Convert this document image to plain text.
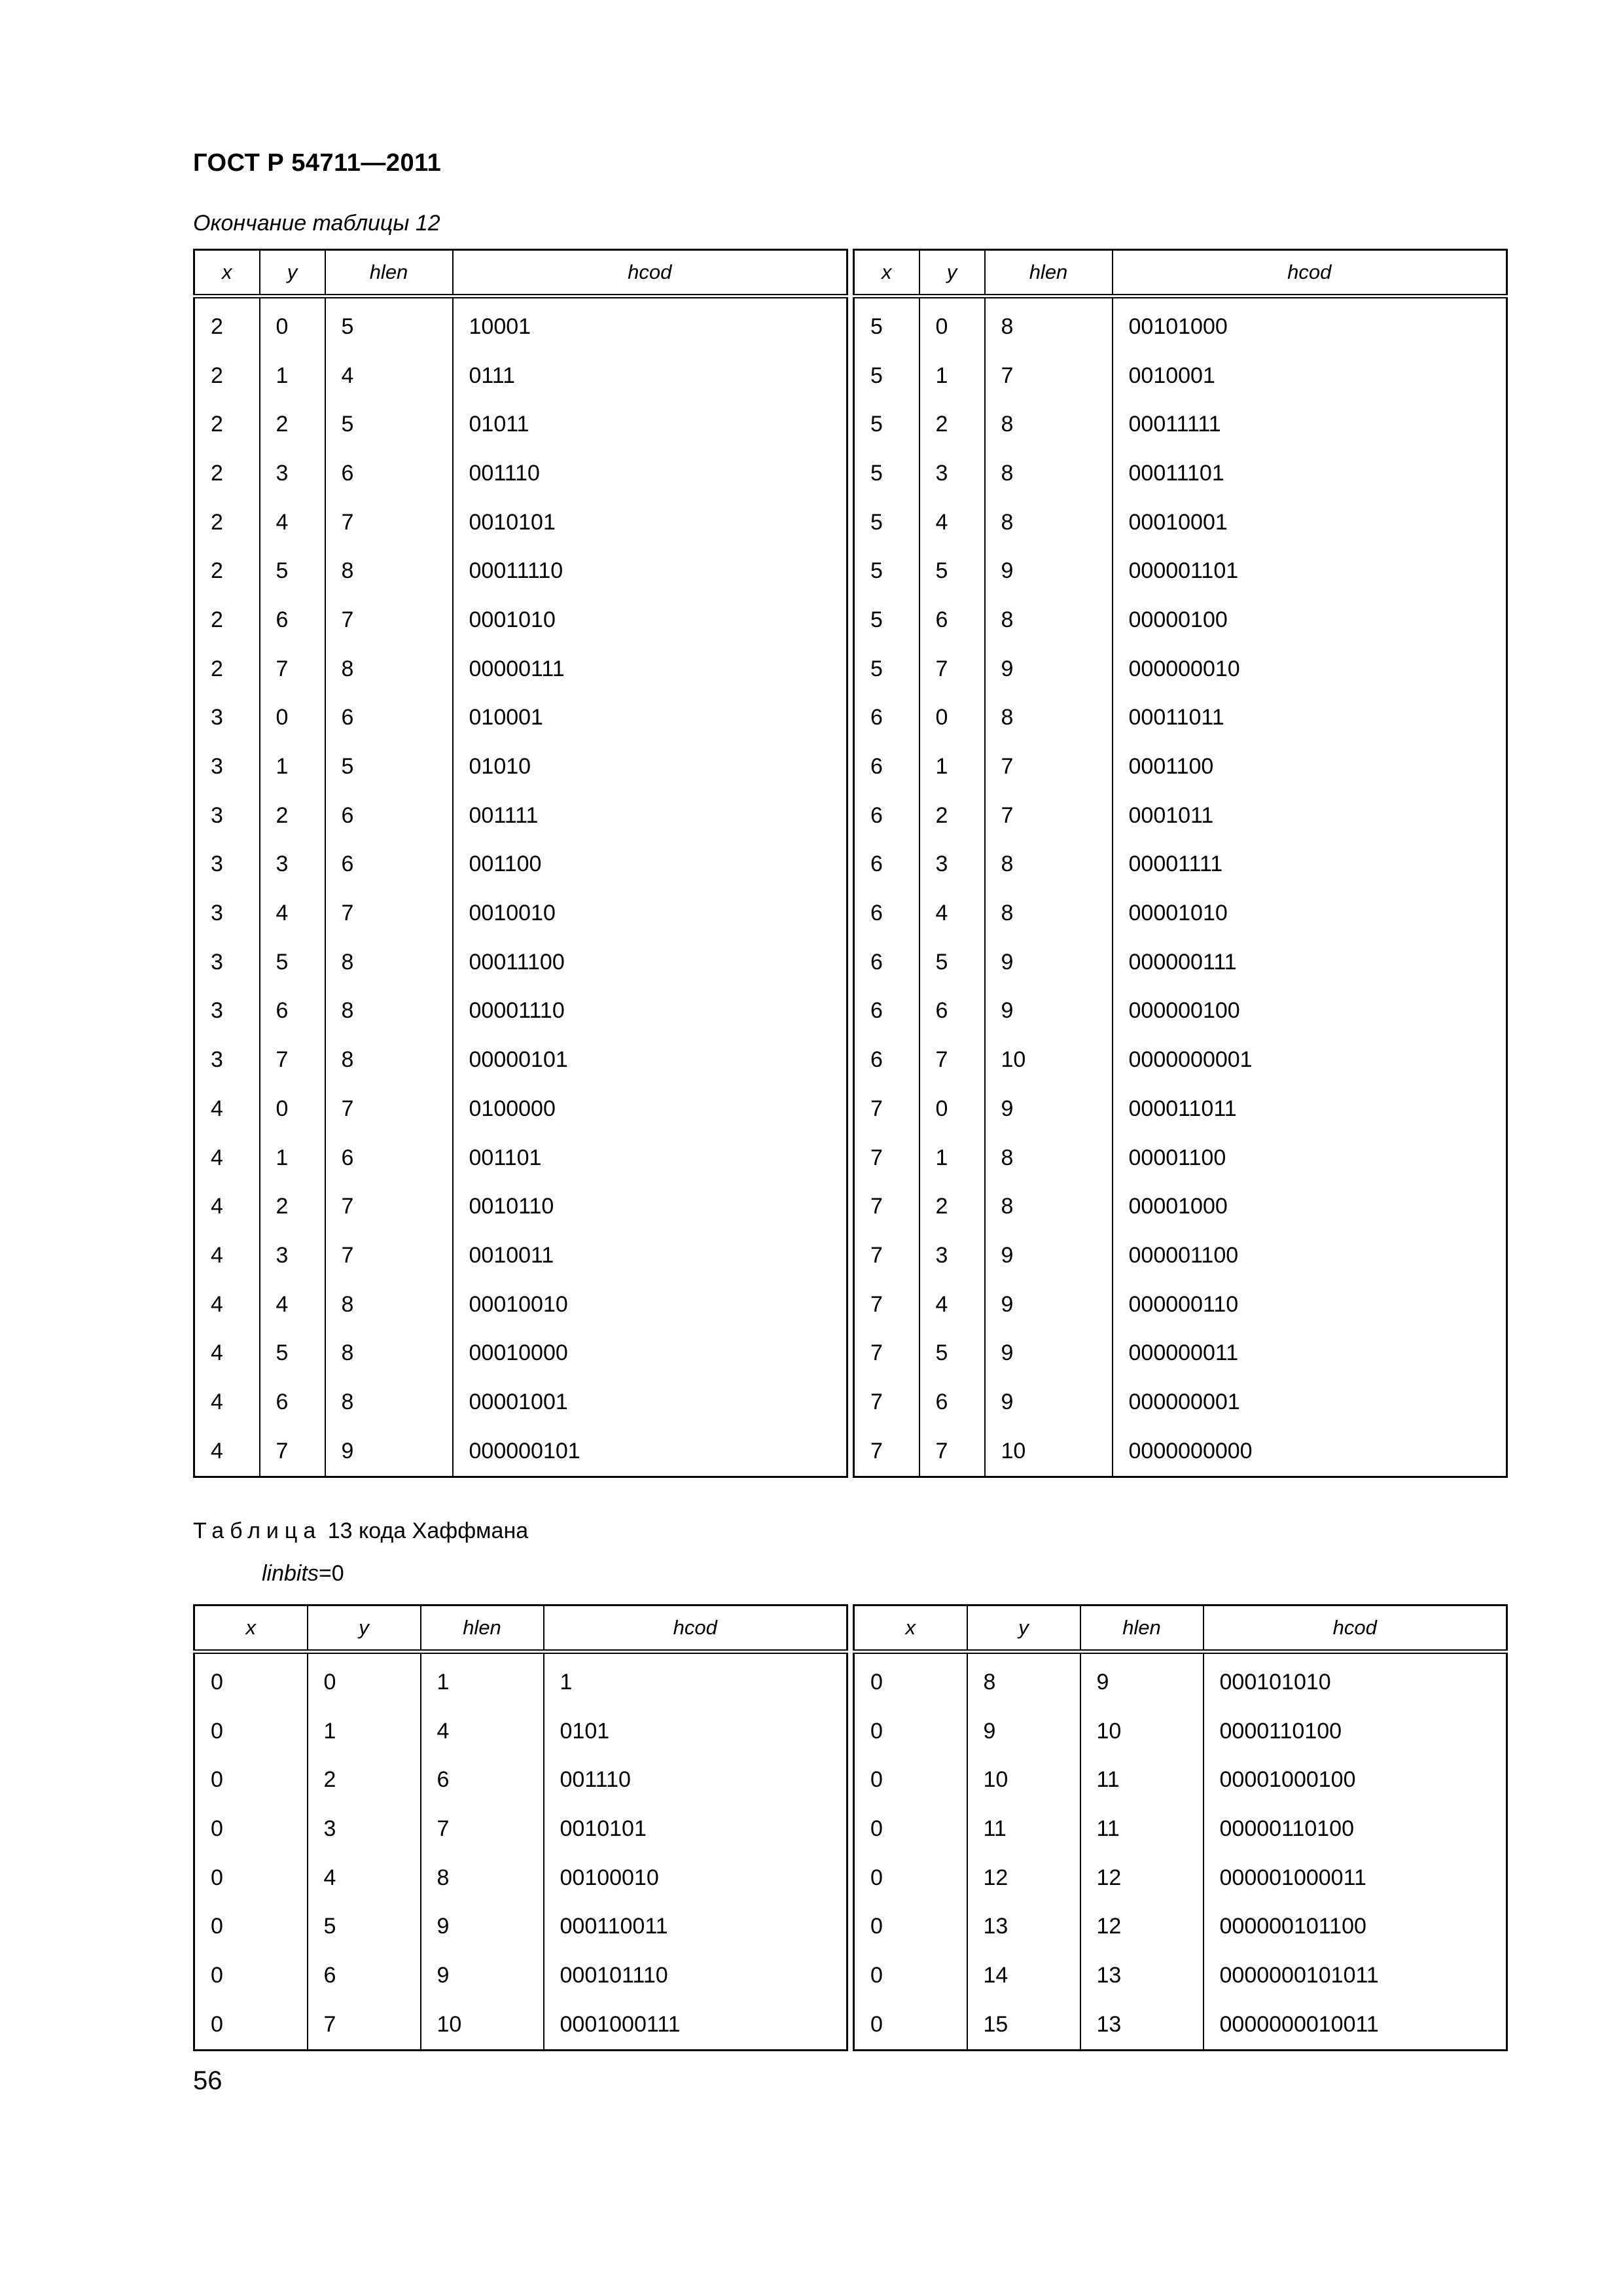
ГОСТ Р 54711—2011
Окончание таблицы 12
x	y	hlen	hcod
2	0	5	10001
2	1	4	0111
2	2	5	01011
2	3	6	001110
2	4	7	0010101
2	5	8	00011110
2	6	7	0001010
2	7	8	00000111
3	0	6	010001
3	1	5	01010
3	2	6	001111
3	3	6	001100
3	4	7	0010010
3	5	8	00011100
3	6	8	00001110
3	7	8	00000101
4	0	7	0100000
4	1	6	001101
4	2	7	0010110
4	3	7	0010011
4	4	8	00010010
4	5	8	00010000
4	6	8	00001001
4	7	9	000000101
x	y	hlen	hcod
5	0	8	00101000
5	1	7	0010001
5	2	8	00011111
5	3	8	00011101
5	4	8	00010001
5	5	9	000001101
5	6	8	00000100
5	7	9	000000010
6	0	8	00011011
6	1	7	0001100
6	2	7	0001011
6	3	8	00001111
6	4	8	00001010
6	5	9	000000111
6	6	9	000000100
6	7	10	0000000001
7	0	9	000011011
7	1	8	00001100
7	2	8	00001000
7	3	9	000001100
7	4	9	000000110
7	5	9	000000011
7	6	9	000000001
7	7	10	0000000000
Таблица 13 кода Хаффмана
linbits=0
x	y	hlen	hcod
0	0	1	1
0	1	4	0101
0	2	6	001110
0	3	7	0010101
0	4	8	00100010
0	5	9	000110011
0	6	9	000101110
0	7	10	0001000111
x	y	hlen	hcod
0	8	9	000101010
0	9	10	0000110100
0	10	11	00001000100
0	11	11	00000110100
0	12	12	000001000011
0	13	12	000000101100
0	14	13	0000000101011
0	15	13	0000000010011
56
